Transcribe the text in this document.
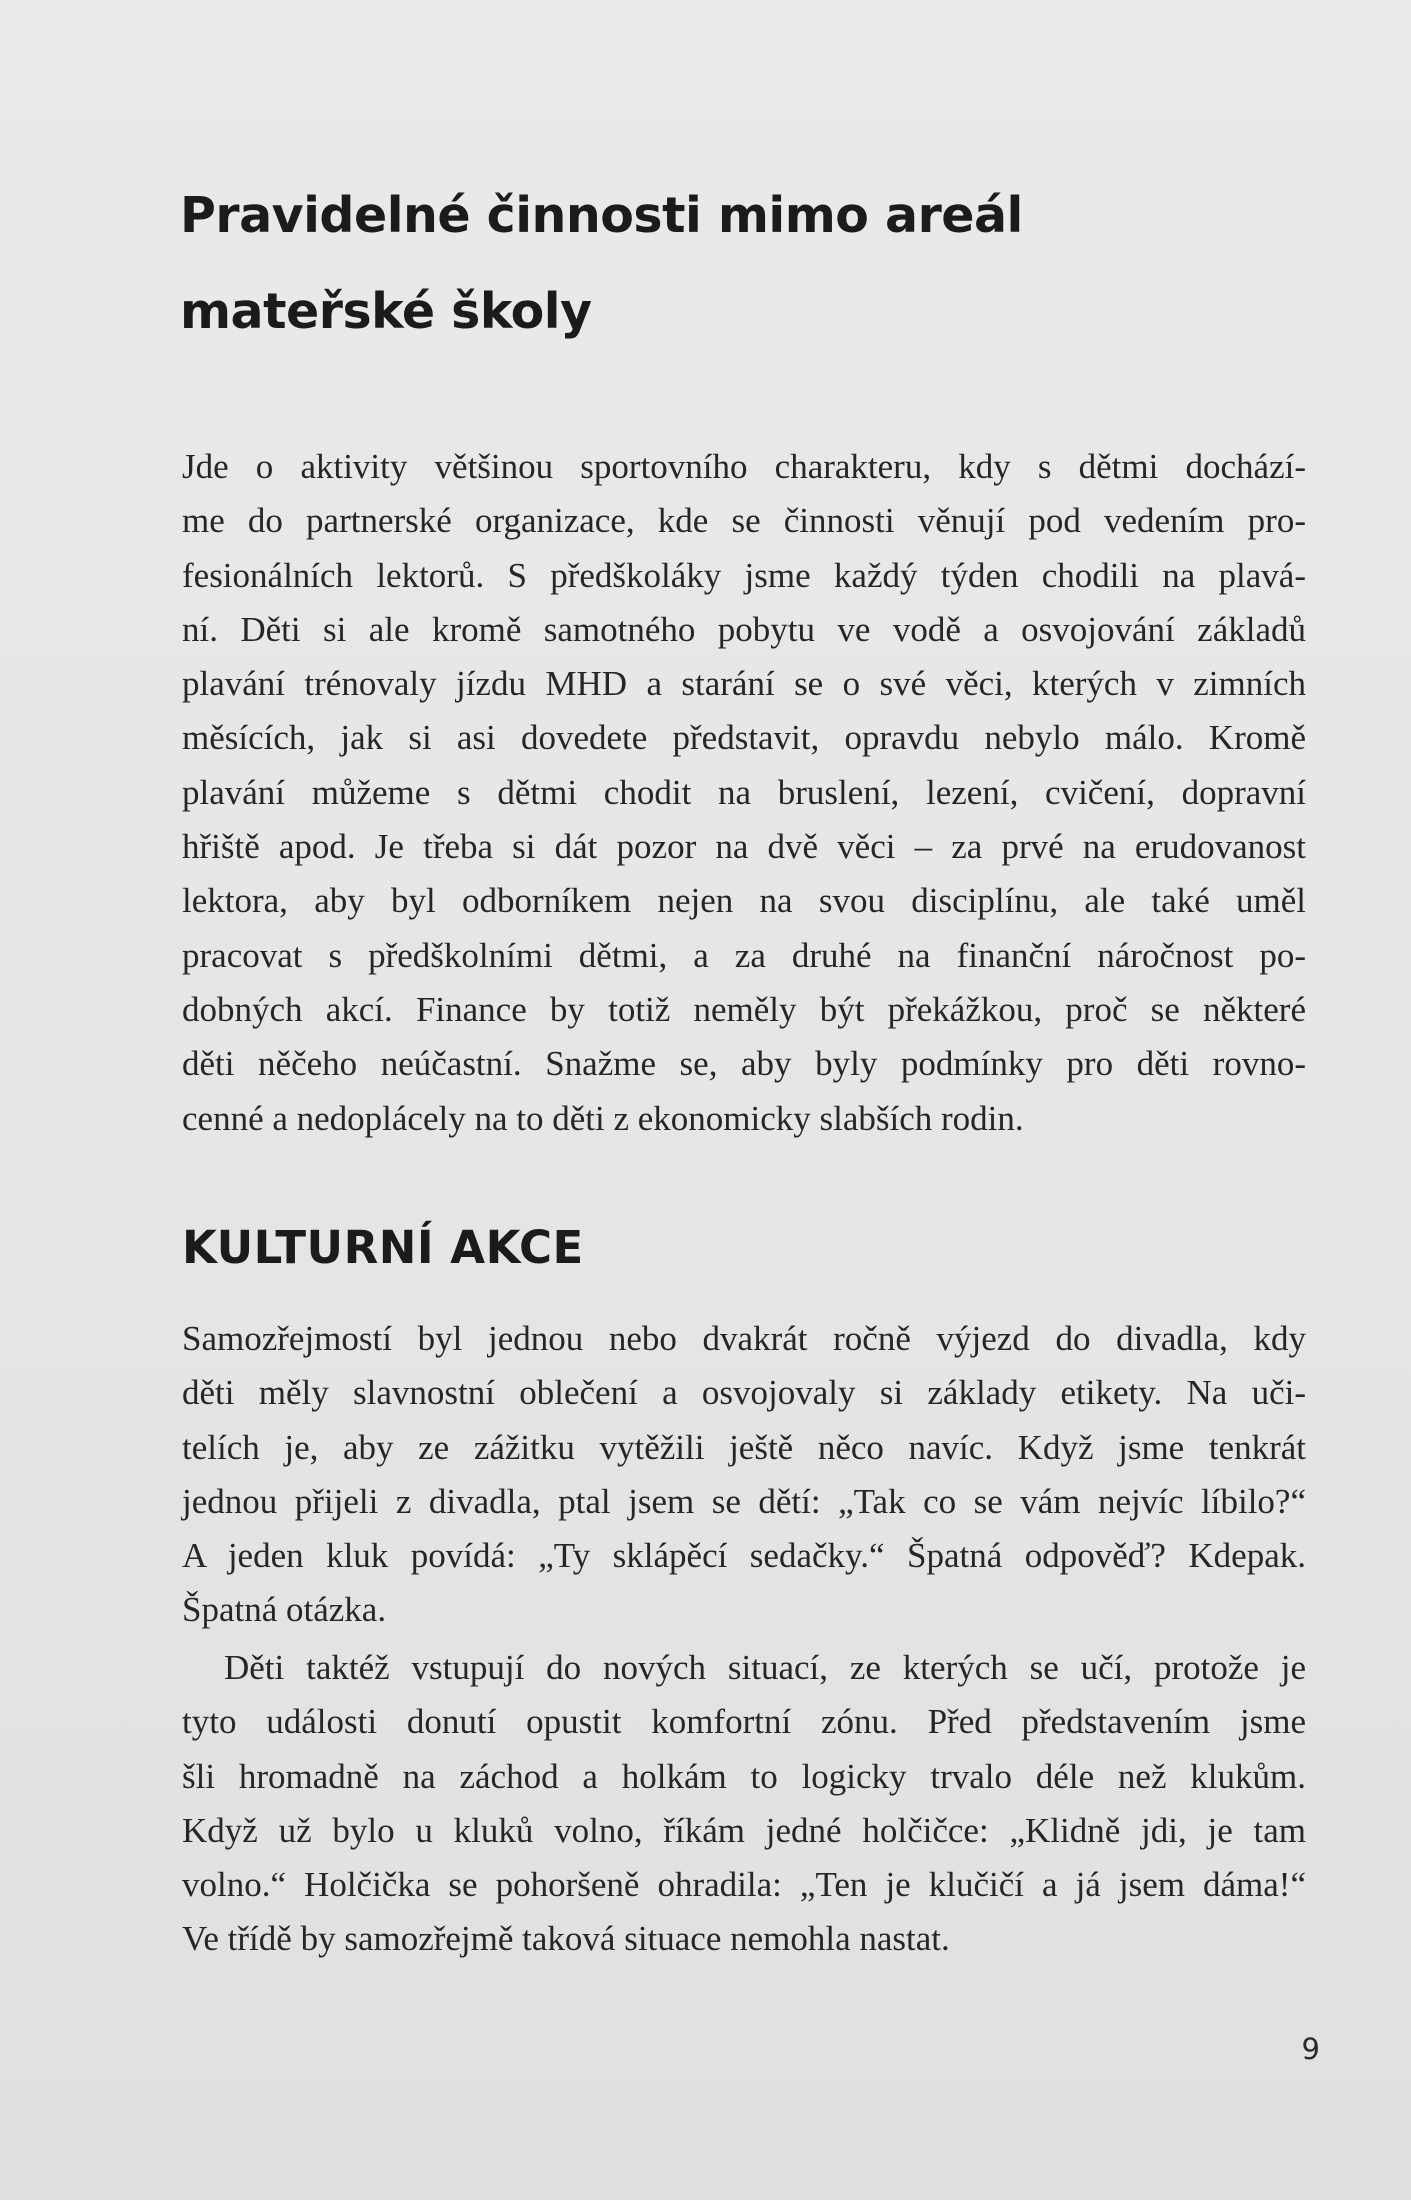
Pravidelné činnosti mimo areál
mateřské školy

Jde o aktivity většinou sportovního charakteru, kdy s dětmi dochází-
me do partnerské organizace, kde se činnosti věnují pod vedením pro-
fesionálních lektorů. S předškoláky jsme každý týden chodili na plavá-
ní. Děti si ale kromě samotného pobytu ve vodě a osvojování základů
plavání trénovaly jízdu MHD a starání se o své věci, kterých v zimních
měsících, jak si asi dovedete představit, opravdu nebylo málo. Kromě
plavání můžeme s dětmi chodit na bruslení, lezení, cvičení, dopravní
hřiště apod. Je třeba si dát pozor na dvě věci – za prvé na erudovanost
lektora, aby byl odborníkem nejen na svou disciplínu, ale také uměl
pracovat s předškolními dětmi, a za druhé na finanční náročnost po-
dobných akcí. Finance by totiž neměly být překážkou, proč se některé
děti něčeho neúčastní. Snažme se, aby byly podmínky pro děti rovno-
cenné a nedoplácely na to děti z ekonomicky slabších rodin.

KULTURNÍ AKCE

Samozřejmostí byl jednou nebo dvakrát ročně výjezd do divadla, kdy
děti měly slavnostní oblečení a osvojovaly si základy etikety. Na uči-
telích je, aby ze zážitku vytěžili ještě něco navíc. Když jsme tenkrát
jednou přijeli z divadla, ptal jsem se dětí: „Tak co se vám nejvíc líbilo?“
A jeden kluk povídá: „Ty sklápěcí sedačky.“ Špatná odpověď? Kdepak.
Špatná otázka.

Děti taktéž vstupují do nových situací, ze kterých se učí, protože je
tyto události donutí opustit komfortní zónu. Před představením jsme
šli hromadně na záchod a holkám to logicky trvalo déle než klukům.
Když už bylo u kluků volno, říkám jedné holčičce: „Klidně jdi, je tam
volno.“ Holčička se pohoršeně ohradila: „Ten je klučičí a já jsem dáma!“
Ve třídě by samozřejmě taková situace nemohla nastat.

9
